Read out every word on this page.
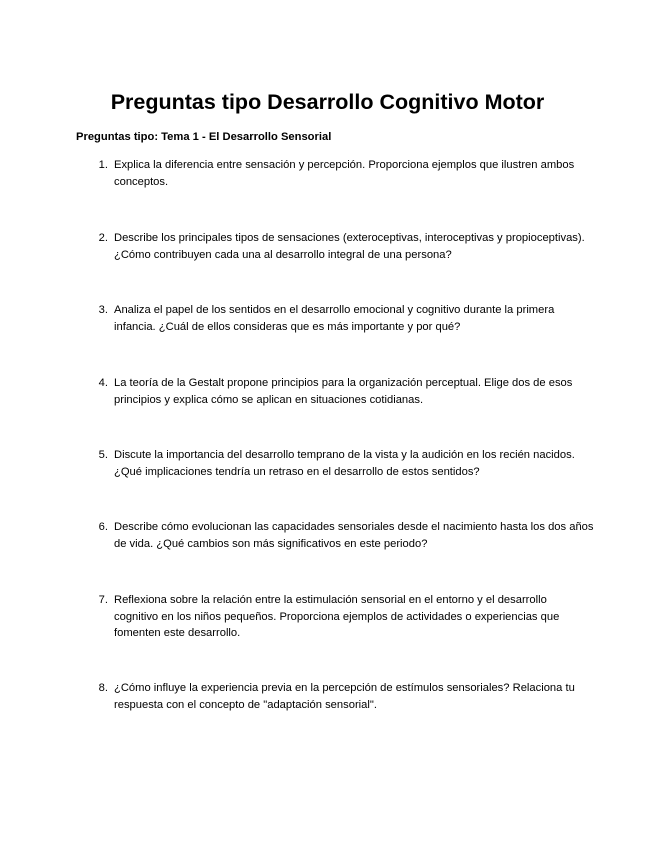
Preguntas tipo Desarrollo Cognitivo Motor

Preguntas tipo: Tema 1 - El Desarrollo Sensorial

1. Explica la diferencia entre sensación y percepción. Proporciona ejemplos que ilustren ambos conceptos.
2. Describe los principales tipos de sensaciones (exteroceptivas, interoceptivas y propioceptivas). ¿Cómo contribuyen cada una al desarrollo integral de una persona?
3. Analiza el papel de los sentidos en el desarrollo emocional y cognitivo durante la primera infancia. ¿Cuál de ellos consideras que es más importante y por qué?
4. La teoría de la Gestalt propone principios para la organización perceptual. Elige dos de esos principios y explica cómo se aplican en situaciones cotidianas.
5. Discute la importancia del desarrollo temprano de la vista y la audición en los recién nacidos. ¿Qué implicaciones tendría un retraso en el desarrollo de estos sentidos?
6. Describe cómo evolucionan las capacidades sensoriales desde el nacimiento hasta los dos años de vida. ¿Qué cambios son más significativos en este periodo?
7. Reflexiona sobre la relación entre la estimulación sensorial en el entorno y el desarrollo cognitivo en los niños pequeños. Proporciona ejemplos de actividades o experiencias que fomenten este desarrollo.
8. ¿Cómo influye la experiencia previa en la percepción de estímulos sensoriales? Relaciona tu respuesta con el concepto de "adaptación sensorial".
